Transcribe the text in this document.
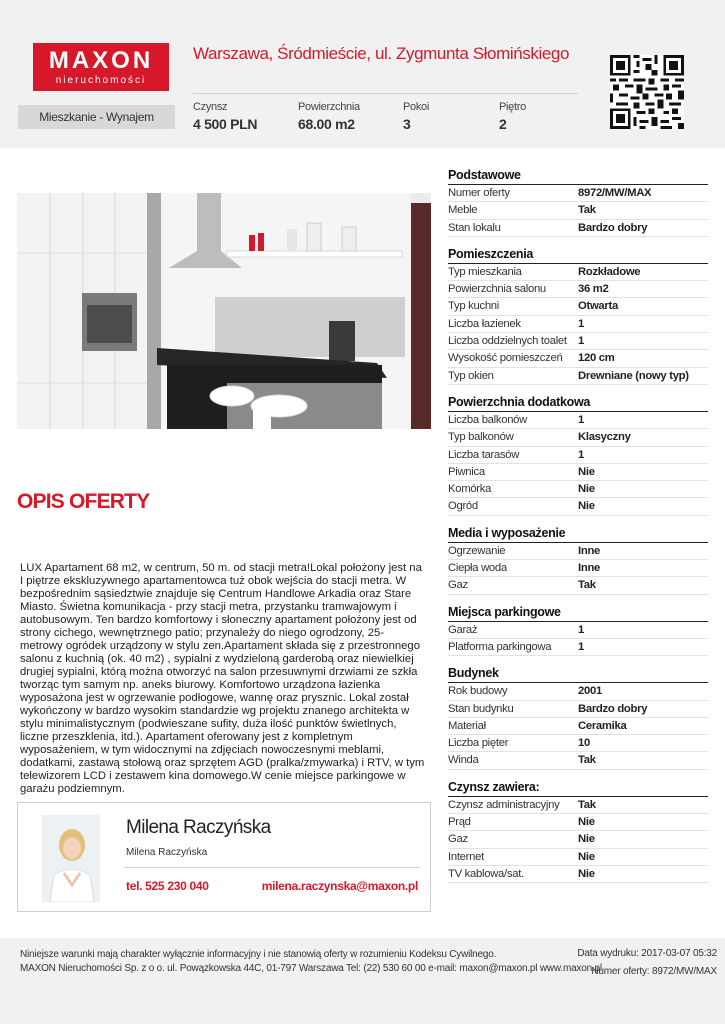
MAXON
nieruchomości
Warszawa, Śródmieście, ul. Zygmunta Słomińskiego
Mieszkanie - Wynajem
Czynsz
4 500 PLN
Powierzchnia
68.00 m2
Pokoi
3
Piętro
2
OPIS OFERTY
LUX Apartament 68 m2, w centrum, 50 m. od stacji metra!Lokal położony jest na I piętrze ekskluzywnego apartamentowca tuż obok wejścia do stacji metra. W bezpośrednim sąsiedztwie znajduje się Centrum Handlowe Arkadia oraz Stare Miasto. Świetna komunikacja - przy stacji metra, przystanku tramwajowym i autobusowym. Ten bardzo komfortowy i słoneczny apartament położony jest od strony cichego, wewnętrznego patio; przynależy do niego ogrodzony, 25-metrowy ogródek urządzony w stylu zen.Apartament składa się z przestronnego salonu z kuchnią (ok. 40 m2) , sypialni z wydzieloną garderobą oraz niewielkiej drugiej sypialni, którą można otworzyć na salon przesuwnymi drzwiami ze szkła tworząc tym samym np. aneks biurowy. Komfortowo urządzona łazienka wyposażona jest w ogrzewanie podłogowe, wannę oraz prysznic. Lokal został wykończony w bardzo wysokim standardzie wg projektu znanego architekta w stylu minimalistycznym (podwieszane sufity, duża ilość punktów świetlnych, liczne przeszklenia, itd.). Apartament oferowany jest z kompletnym wyposażeniem, w tym widocznymi na zdjęciach nowoczesnymi meblami, dodatkami, zastawą stołową oraz sprzętem AGD (pralka/zmywarka) i RTV, w tym telewizorem LCD i zestawem kina domowego.W cenie miejsce parkingowe w garażu podziemnym.
Milena Raczyńska
Milena Raczyńska
tel. 525 230 040	milena.raczynska@maxon.pl
Podstawowe
Numer oferty	8972/MW/MAX
Meble	Tak
Stan lokalu	Bardzo dobry
Pomieszczenia
Typ mieszkania	Rozkładowe
Powierzchnia salonu	36 m2
Typ kuchni	Otwarta
Liczba łazienek	1
Liczba oddzielnych toalet 1
Wysokość pomieszczeń	120 cm
Typ okien	Drewniane (nowy typ)
Powierzchnia dodatkowa
Liczba balkonów	1
Typ balkonów	Klasyczny
Liczba tarasów	1
Piwnica	Nie
Komórka	Nie
Ogród	Nie
Media i wyposażenie
Ogrzewanie	Inne
Ciepła woda	Inne
Gaz	Tak
Miejsca parkingowe
Garaż	1
Platforma parkingowa	1
Budynek
Rok budowy	2001
Stan budynku	Bardzo dobry
Materiał	Ceramika
Liczba pięter	10
Winda	Tak
Czynsz zawiera:
Czynsz administracyjny	Tak
Prąd	Nie
Gaz	Nie
Internet	Nie
TV kablowa/sat.	Nie
Niniejsze warunki mają charakter wyłącznie informacyjny i nie stanowią oferty w rozumieniu Kodeksu Cywilnego.
MAXON Nieruchomości Sp. z o o. ul. Powązkowska 44C, 01-797 Warszawa Tel: (22) 530 60 00 e-mail: maxon@maxon.pl www.maxon.pl
Data wydruku: 2017-03-07 05:32
Numer oferty: 8972/MW/MAX
